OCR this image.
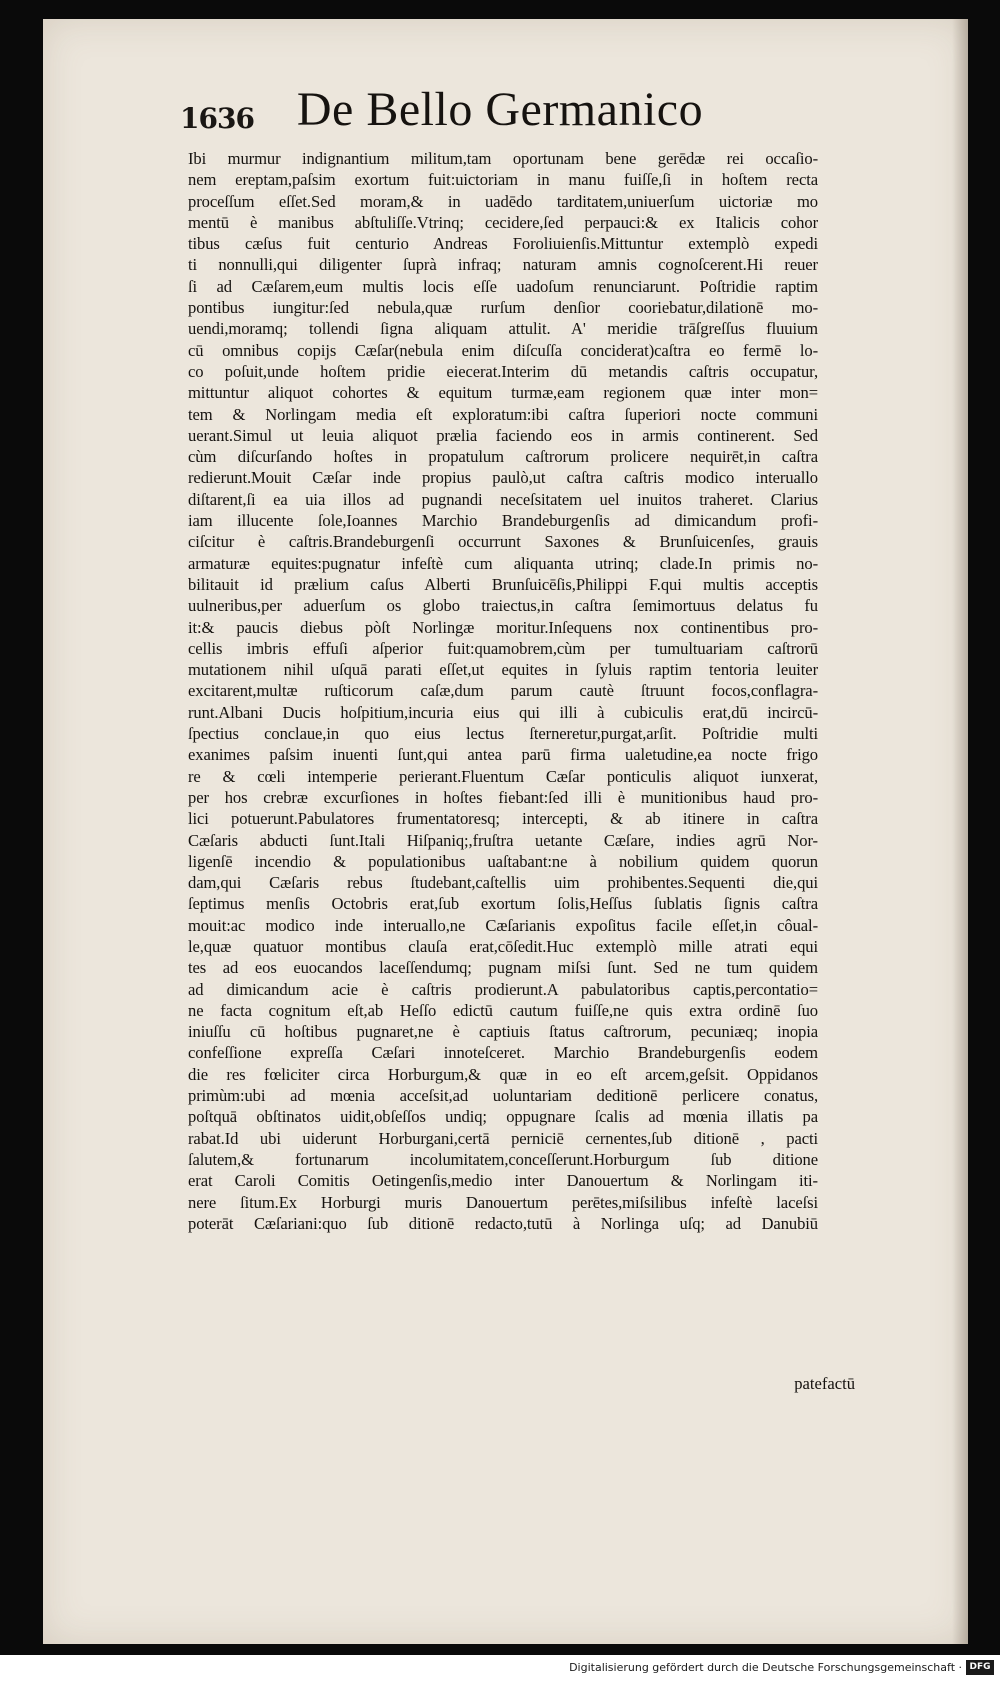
1636 De Bello Germanico
Ibi murmur indignantium militum,tam oportunam bene gerēdæ rei occaſio-
nem ereptam,paſsim exortum fuit:uictoriam in manu fuiſſe,ſi in hoſtem recta
proceſſum eſſet.Sed moram,& in uadēdo tarditatem,uniuerſum uictoriæ mo
mentū è manibus abſtuliſſe.Vtrinq; cecidere,ſed perpauci:& ex Italicis cohor
tibus cæſus fuit centurio Andreas Foroliuienſis.Mittuntur extemplò expedi
ti nonnulli,qui diligenter ſuprà infraq; naturam amnis cognoſcerent.Hi reuer
ſi ad Cæſarem,eum multis locis eſſe uadoſum renunciarunt. Poſtridie raptim
pontibus iungitur:ſed nebula,quæ rurſum denſior cooriebatur,dilationē mo-
uendi,moramq; tollendi ſigna aliquam attulit. A' meridie trāſgreſſus fluuium
cū omnibus copijs Cæſar(nebula enim diſcuſſa conciderat)caſtra eo fermē lo-
co poſuit,unde hoſtem pridie eiecerat.Interim dū metandis caſtris occupatur,
mittuntur aliquot cohortes & equitum turmæ,eam regionem quæ inter mon=
tem & Norlingam media eſt exploratum:ibi caſtra ſuperiori nocte communi
uerant.Simul ut leuia aliquot prælia faciendo eos in armis continerent. Sed
cùm diſcurſando hoſtes in propatulum caſtrorum prolicere nequirēt,in caſtra
redierunt.Mouit Cæſar inde propius paulò,ut caſtra caſtris modico interuallo
diſtarent,ſi ea uia illos ad pugnandi neceſsitatem uel inuitos traheret. Clarius
iam illucente ſole,Ioannes Marchio Brandeburgenſis ad dimicandum profi-
ciſcitur è caſtris.Brandeburgenſi occurrunt Saxones & Brunſuicenſes, grauis
armaturæ equites:pugnatur infeſtè cum aliquanta utrinq; clade.In primis no-
bilitauit id prælium caſus Alberti Brunſuicēſis,Philippi F.qui multis acceptis
uulneribus,per aduerſum os globo traiectus,in caſtra ſemimortuus delatus fu
it:& paucis diebus pòſt Norlingæ moritur.Inſequens nox continentibus pro-
cellis imbris effuſi aſperior fuit:quamobrem,cùm per tumultuariam caſtrorū
mutationem nihil uſquā parati eſſet,ut equites in ſyluis raptim tentoria leuiter
excitarent,multæ ruſticorum caſæ,dum parum cautè ſtruunt focos,conflagra-
runt.Albani Ducis hoſpitium,incuria eius qui illi à cubiculis erat,dū incircū-
ſpectius conclaue,in quo eius lectus ſterneretur,purgat,arſit. Poſtridie multi
exanimes paſsim inuenti ſunt,qui antea parū firma ualetudine,ea nocte frigo
re & cœli intemperie perierant.Fluentum Cæſar ponticulis aliquot iunxerat,
per hos crebræ excurſiones in hoſtes fiebant:ſed illi è munitionibus haud pro-
lici potuerunt.Pabulatores frumentatoresq; intercepti, & ab itinere in caſtra
Cæſaris abducti ſunt.Itali Hiſpaniq;,fruſtra uetante Cæſare, indies agrū Nor-
ligenſē incendio & populationibus uaſtabant:ne à nobilium quidem quorun
dam,qui Cæſaris rebus ſtudebant,caſtellis uim prohibentes.Sequenti die,qui
ſeptimus menſis Octobris erat,ſub exortum ſolis,Heſſus ſublatis ſignis caſtra
mouit:ac modico inde interuallo,ne Cæſarianis expoſitus facile eſſet,in côual-
le,quæ quatuor montibus clauſa erat,cōſedit.Huc extemplò mille atrati equi
tes ad eos euocandos laceſſendumq; pugnam miſsi ſunt. Sed ne tum quidem
ad dimicandum acie è caſtris prodierunt.A pabulatoribus captis,percontatio=
ne facta cognitum eſt,ab Heſſo edictū cautum fuiſſe,ne quis extra ordinē ſuo
iniuſſu cū hoſtibus pugnaret,ne è captiuis ſtatus caſtrorum, pecuniæq; inopia
confeſſione expreſſa Cæſari innoteſceret. Marchio Brandeburgenſis eodem
die res fœliciter circa Horburgum,& quæ in eo eſt arcem,geſsit. Oppidanos
primùm:ubi ad mœnia acceſsit,ad uoluntariam deditionē perlicere conatus,
poſtquā obſtinatos uidit,obſeſſos undiq; oppugnare ſcalis ad mœnia illatis pa
rabat.Id ubi uiderunt Horburgani,certā perniciē cernentes,ſub ditionē , pacti
ſalutem,& fortunarum incolumitatem,conceſſerunt.Horburgum ſub ditione
erat Caroli Comitis Oetingenſis,medio inter Danouertum & Norlingam iti-
nere ſitum.Ex Horburgi muris Danouertum perētes,miſsilibus infeſtè laceſsi
poterāt Cæſariani:quo ſub ditionē redacto,tutū à Norlinga uſq; ad Danubiū
patefactū
Digitalisierung gefördert durch die Deutsche Forschungsgemeinschaft · DFG
